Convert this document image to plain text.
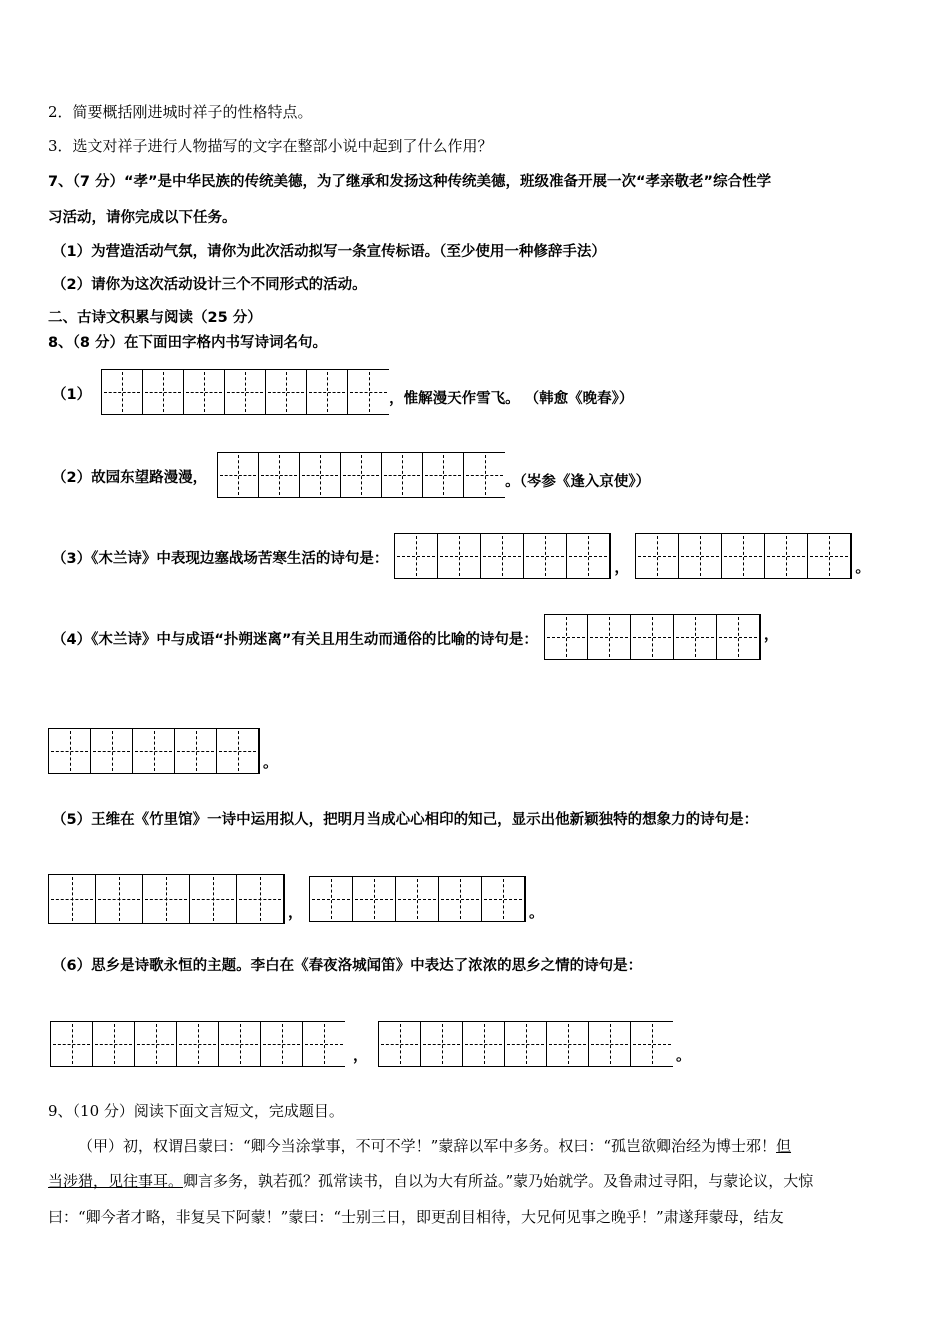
2．简要概括刚进城时祥子的性格特点。
3．选文对祥子进行人物描写的文字在整部小说中起到了什么作用？
7、（7 分）“孝”是中华民族的传统美德，为了继承和发扬这种传统美德，班级准备开展一次“孝亲敬老”综合性学
习活动，请你完成以下任务。
（1）为营造活动气氛，请你为此次活动拟写一条宣传标语。（至少使用一种修辞手法）
（2）请你为这次活动设计三个不同形式的活动。
二、古诗文积累与阅读（25 分）
8、（8 分）在下面田字格内书写诗词名句。
（1）	，惟解漫天作雪飞。 （韩愈《晚春》）
（2）故园东望路漫漫，	。（岑参《逢入京使》）
（3）《木兰诗》中表现边塞战场苦寒生活的诗句是：	，	。
（4）《木兰诗》中与成语“扑朔迷离”有关且用生动而通俗的比喻的诗句是：	，
。
（5）王维在《竹里馆》一诗中运用拟人，把明月当成心心相印的知己，显示出他新颖独特的想象力的诗句是：
，	。
（6）思乡是诗歌永恒的主题。李白在《春夜洛城闻笛》中表达了浓浓的思乡之情的诗句是：
，	。
9、（10 分）阅读下面文言短文，完成题目。
（甲）初，权谓吕蒙曰：“卿今当涂掌事，不可不学！”蒙辞以军中多务。权曰：“孤岂欲卿治经为博士邪！但
当涉猎，见往事耳。卿言多务，孰若孤？孤常读书，自以为大有所益。”蒙乃始就学。及鲁肃过寻阳，与蒙论议，大惊
曰：“卿今者才略，非复吴下阿蒙！”蒙曰：“士别三日，即更刮目相待，大兄何见事之晚乎！”肃遂拜蒙母，结友
